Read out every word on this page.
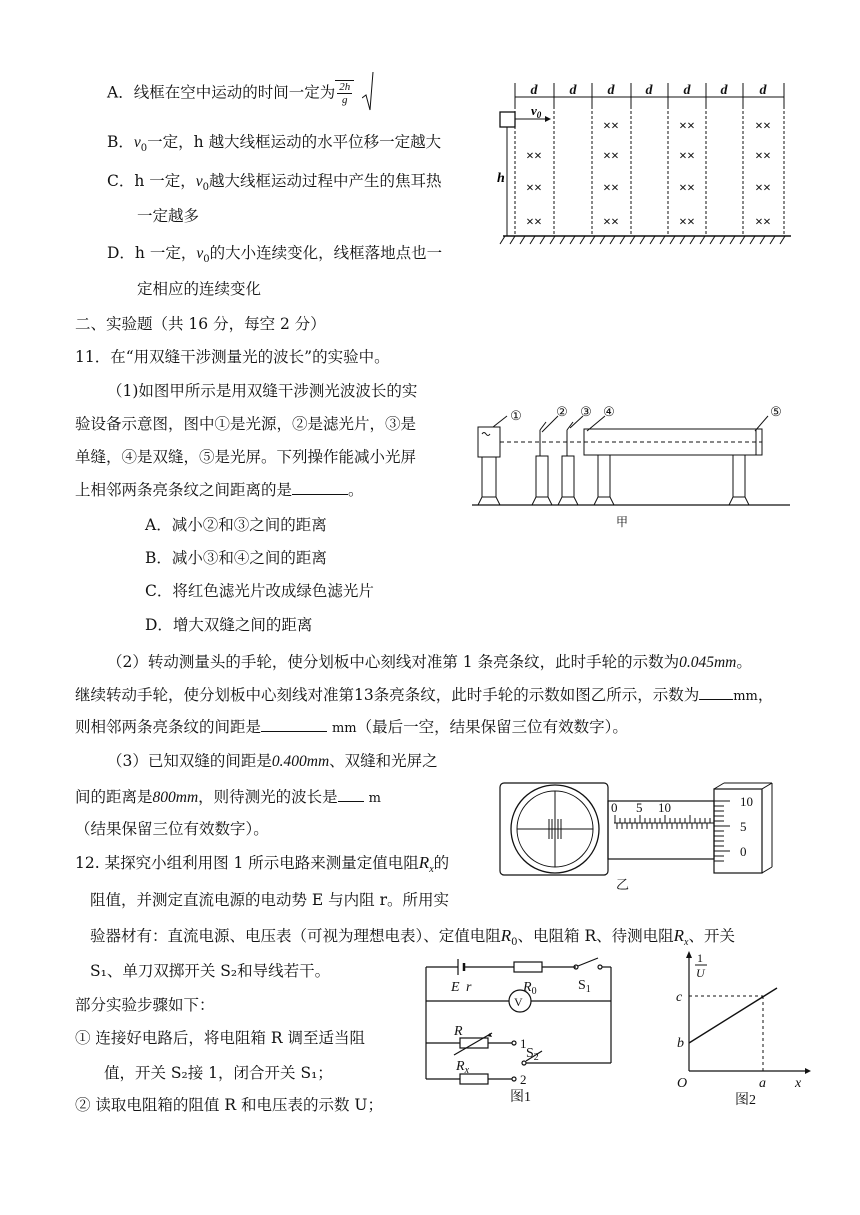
A．线框在空中运动的时间一定为 $\frac{2h}{g}$
B．$v_0$一定，h 越大线框运动的水平位移一定越大
C．h 一定，$v_0$越大线框运动过程中产生的焦耳热
一定越多
D．h 一定，$v_0$的大小连续变化，线框落地点也一
定相应的连续变化
d d d d d d d
$v_0$
h
××
××
××
××
××
××
××
××
××
××
××
××
××
××
××
二、实验题（共 16 分，每空 2 分）
11．在“用双缝干涉测量光的波长”的实验中。
（1)如图甲所示是用双缝干涉测光波波长的实
验设备示意图，图中①是光源，②是滤光片，③是
单缝，④是双缝，⑤是光屏。下列操作能减小光屏
上相邻两条亮条纹之间距离的是	。
A．减小②和③之间的距离
B．减小③和④之间的距离
C．将红色滤光片改成绿色滤光片
D．增大双缝之间的距离
①	② ③ ④	⑤
甲
（2）转动测量头的手轮，使分划板中心刻线对准第 1 条亮条纹，此时手轮的示数为0.045mm。
继续转动手轮，使分划板中心刻线对准第13条亮条纹，此时手轮的示数如图乙所示，示数为	mm，
则相邻两条亮条纹的间距是	mm（最后一空，结果保留三位有效数字）。
（3）已知双缝的间距是0.400mm、双缝和光屏之
间的距离是800mm，则待测光的波长是 m
（结果保留三位有效数字）。
0 5 10	10
5
0
乙
12. 某探究小组利用图 1 所示电路来测量定值电阻$R_x$的
阻值，并测定直流电源的电动势 E 与内阻 r。所用实
验器材有：直流电源、电压表（可视为理想电表）、定值电阻$R_0$、电阻箱 R、待测电阻$R_x$、开关
S₁、单刀双掷开关 S₂和导线若干。
部分实验步骤如下：
① 连接好电路后，将电阻箱 R 调至适当阻
值，开关 S₂接 1，闭合开关 S₁；
② 读取电阻箱的阻值 R 和电压表的示数 U；
E r	$R_0$
R
$R_x$
$S_1$
V
1
2
$S_2$
图1
1
U
c
b
O	a x
图2
